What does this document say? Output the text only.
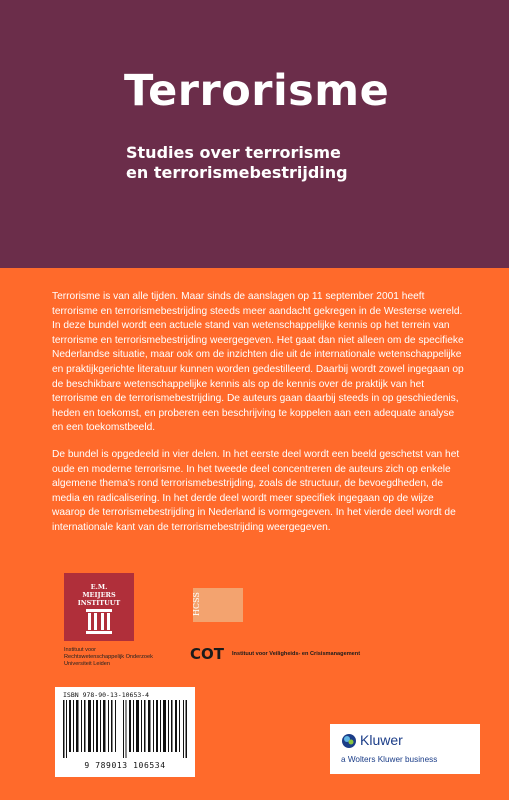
Terrorisme
Studies over terrorisme
en terrorismebestrijding

Terrorisme is van alle tijden. Maar sinds de aanslagen op 11 september 2001 heeft terrorisme en terrorismebestrijding steeds meer aandacht gekregen in de Westerse wereld. In deze bundel wordt een actuele stand van wetenschappelijke kennis op het terrein van terrorisme en terrorismebestrijding weergegeven. Het gaat dan niet alleen om de specifieke Nederlandse situatie, maar ook om de inzichten die uit de internationale wetenschappelijke en praktijkgerichte literatuur kunnen worden gedestilleerd. Daarbij wordt zowel ingegaan op de beschikbare wetenschappelijke kennis als op de kennis over de praktijk van het terrorisme en de terrorismebestrijding. De auteurs gaan daarbij steeds in op geschiedenis, heden en toekomst, en proberen een beschrijving te koppelen aan een adequate analyse en een toekomstbeeld.

De bundel is opgedeeld in vier delen. In het eerste deel wordt een beeld geschetst van het oude en moderne terrorisme. In het tweede deel concentreren de auteurs zich op enkele algemene thema's rond terrorismebestrijding, zoals de structuur, de bevoegdheden, de media en radicalisering. In het derde deel wordt meer specifiek ingegaan op de wijze waarop de terrorismebestrijding in Nederland is vormgegeven. In het vierde deel wordt de internationale kant van de terrorismebestrijding weergegeven.

E.M.
MEIJERS
INSTITUUT
Instituut voor
Rechtswetenschappelijk Onderzoek
Universiteit Leiden
HCSS
COT Instituut voor Veiligheids- en Crisismanagement
ISBN 978-90-13-10653-4
9 789013 106534
Kluwer
a Wolters Kluwer business
